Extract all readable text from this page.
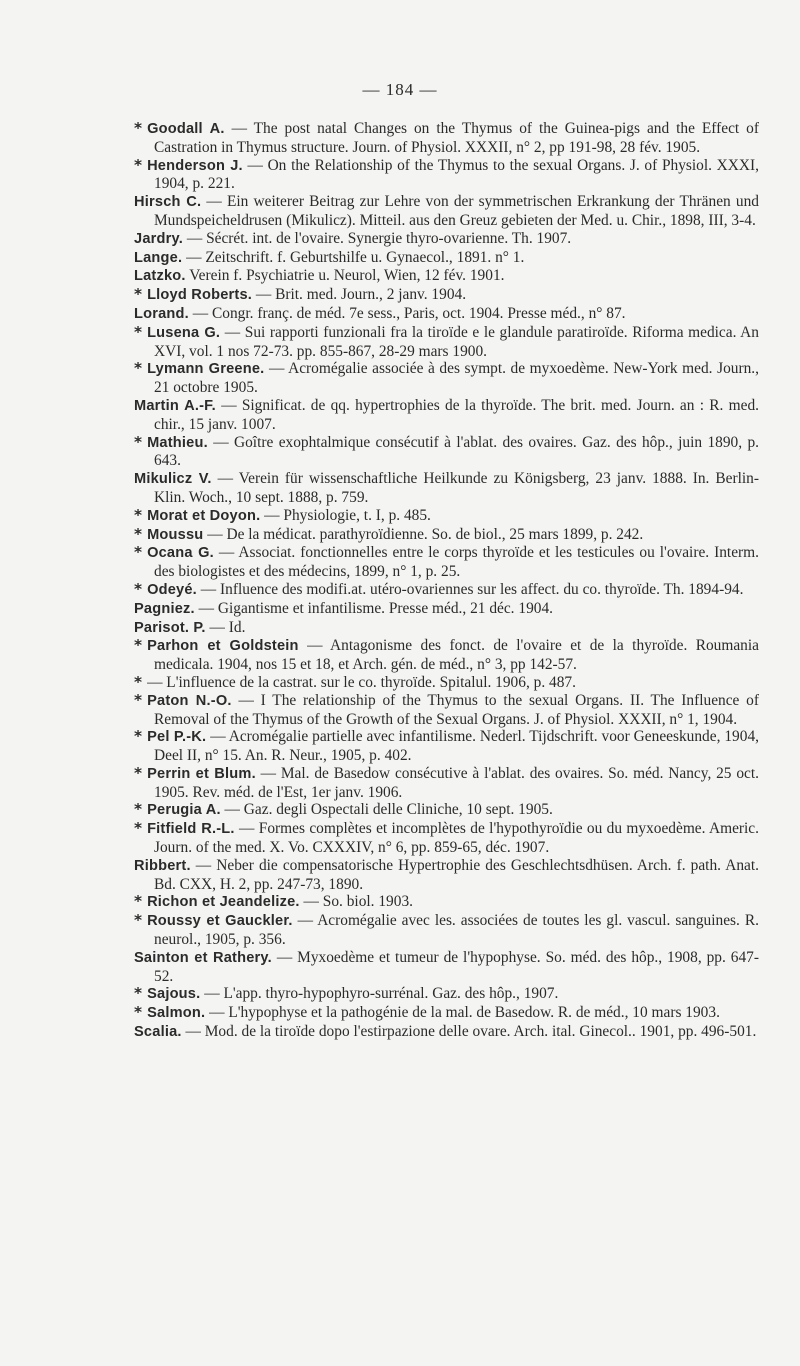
— 184 —

* Goodall A. — The post natal Changes on the Thymus of the Guinea-pigs and the Effect of Castration in Thymus structure. Journ. of Physiol. XXXII, n° 2, pp 191-98, 28 fév. 1905.

* Henderson J. — On the Relationship of the Thymus to the sexual Organs. J. of Physiol. XXXI, 1904, p. 221.

Hirsch C. — Ein weiterer Beitrag zur Lehre von der symmetrischen Erkrankung der Thränen und Mundspeicheldrusen (Mikulicz). Mitteil. aus den Greuz gebieten der Med. u. Chir., 1898, III, 3-4.

Jardry. — Sécrét. int. de l'ovaire. Synergie thyro-ovarienne. Th. 1907.

Lange. — Zeitschrift. f. Geburtshilfe u. Gynaecol., 1891. n° 1.

Latzko. Verein f. Psychiatrie u. Neurol, Wien, 12 fév. 1901.

* Lloyd Roberts. — Brit. med. Journ., 2 janv. 1904.

Lorand. — Congr. franç. de méd. 7e sess., Paris, oct. 1904. Presse méd., n° 87.

* Lusena G. — Sui rapporti funzionali fra la tiroïde e le glandule paratiroïde. Riforma medica. An XVI, vol. 1 nos 72-73. pp. 855-867, 28-29 mars 1900.

* Lymann Greene. — Acromégalie associée à des sympt. de myxoedème. New-York med. Journ., 21 octobre 1905.

Martin A.-F. — Significat. de qq. hypertrophies de la thyroïde. The brit. med. Journ. an : R. med. chir., 15 janv. 1007.

* Mathieu. — Goître exophtalmique consécutif à l'ablat. des ovaires. Gaz. des hôp., juin 1890, p. 643.

Mikulicz V. — Verein für wissenschaftliche Heilkunde zu Königsberg, 23 janv. 1888. In. Berlin-Klin. Woch., 10 sept. 1888, p. 759.

* Morat et Doyon. — Physiologie, t. I, p. 485.

* Moussu — De la médicat. parathyroïdienne. So. de biol., 25 mars 1899, p. 242.

* Ocana G. — Associat. fonctionnelles entre le corps thyroïde et les testicules ou l'ovaire. Interm. des biologistes et des médecins, 1899, n° 1, p. 25.

* Odeyé. — Influence des modifi.at. utéro-ovariennes sur les affect. du co. thyroïde. Th. 1894-94.

Pagniez. — Gigantisme et infantilisme. Presse méd., 21 déc. 1904.

Parisot. P. — Id.

* Parhon et Goldstein — Antagonisme des fonct. de l'ovaire et de la thyroïde. Roumania medicala. 1904, nos 15 et 18, et Arch. gén. de méd., n° 3, pp 142-57.

* — L'influence de la castrat. sur le co. thyroïde. Spitalul. 1906, p. 487.

* Paton N.-O. — I The relationship of the Thymus to the sexual Organs. II. The Influence of Removal of the Thymus of the Growth of the Sexual Organs. J. of Physiol. XXXII, n° 1, 1904.

* Pel P.-K. — Acromégalie partielle avec infantilisme. Nederl. Tijdschrift. voor Geneeskunde, 1904, Deel II, n° 15. An. R. Neur., 1905, p. 402.

* Perrin et Blum. — Mal. de Basedow consécutive à l'ablat. des ovaires. So. méd. Nancy, 25 oct. 1905. Rev. méd. de l'Est, 1er janv. 1906.

* Perugia A. — Gaz. degli Ospectali delle Cliniche, 10 sept. 1905.

* Fitfield R.-L. — Formes complètes et incomplètes de l'hypothyroïdie ou du myxoedème. Americ. Journ. of the med. X. Vo. CXXXIV, n° 6, pp. 859-65, déc. 1907.

Ribbert. — Neber die compensatorische Hypertrophie des Geschlechtsdhüsen. Arch. f. path. Anat. Bd. CXX, H. 2, pp. 247-73, 1890.

* Richon et Jeandelize. — So. biol. 1903.

* Roussy et Gauckler. — Acromégalie avec les. associées de toutes les gl. vascul. sanguines. R. neurol., 1905, p. 356.

Sainton et Rathery. — Myxoedème et tumeur de l'hypophyse. So. méd. des hôp., 1908, pp. 647-52.

* Sajous. — L'app. thyro-hypophyro-surrénal. Gaz. des hôp., 1907.

* Salmon. — L'hypophyse et la pathogénie de la mal. de Basedow. R. de méd., 10 mars 1903.

Scalia. — Mod. de la tiroïde dopo l'estirpazione delle ovare. Arch. ital. Ginecol.. 1901, pp. 496-501.
